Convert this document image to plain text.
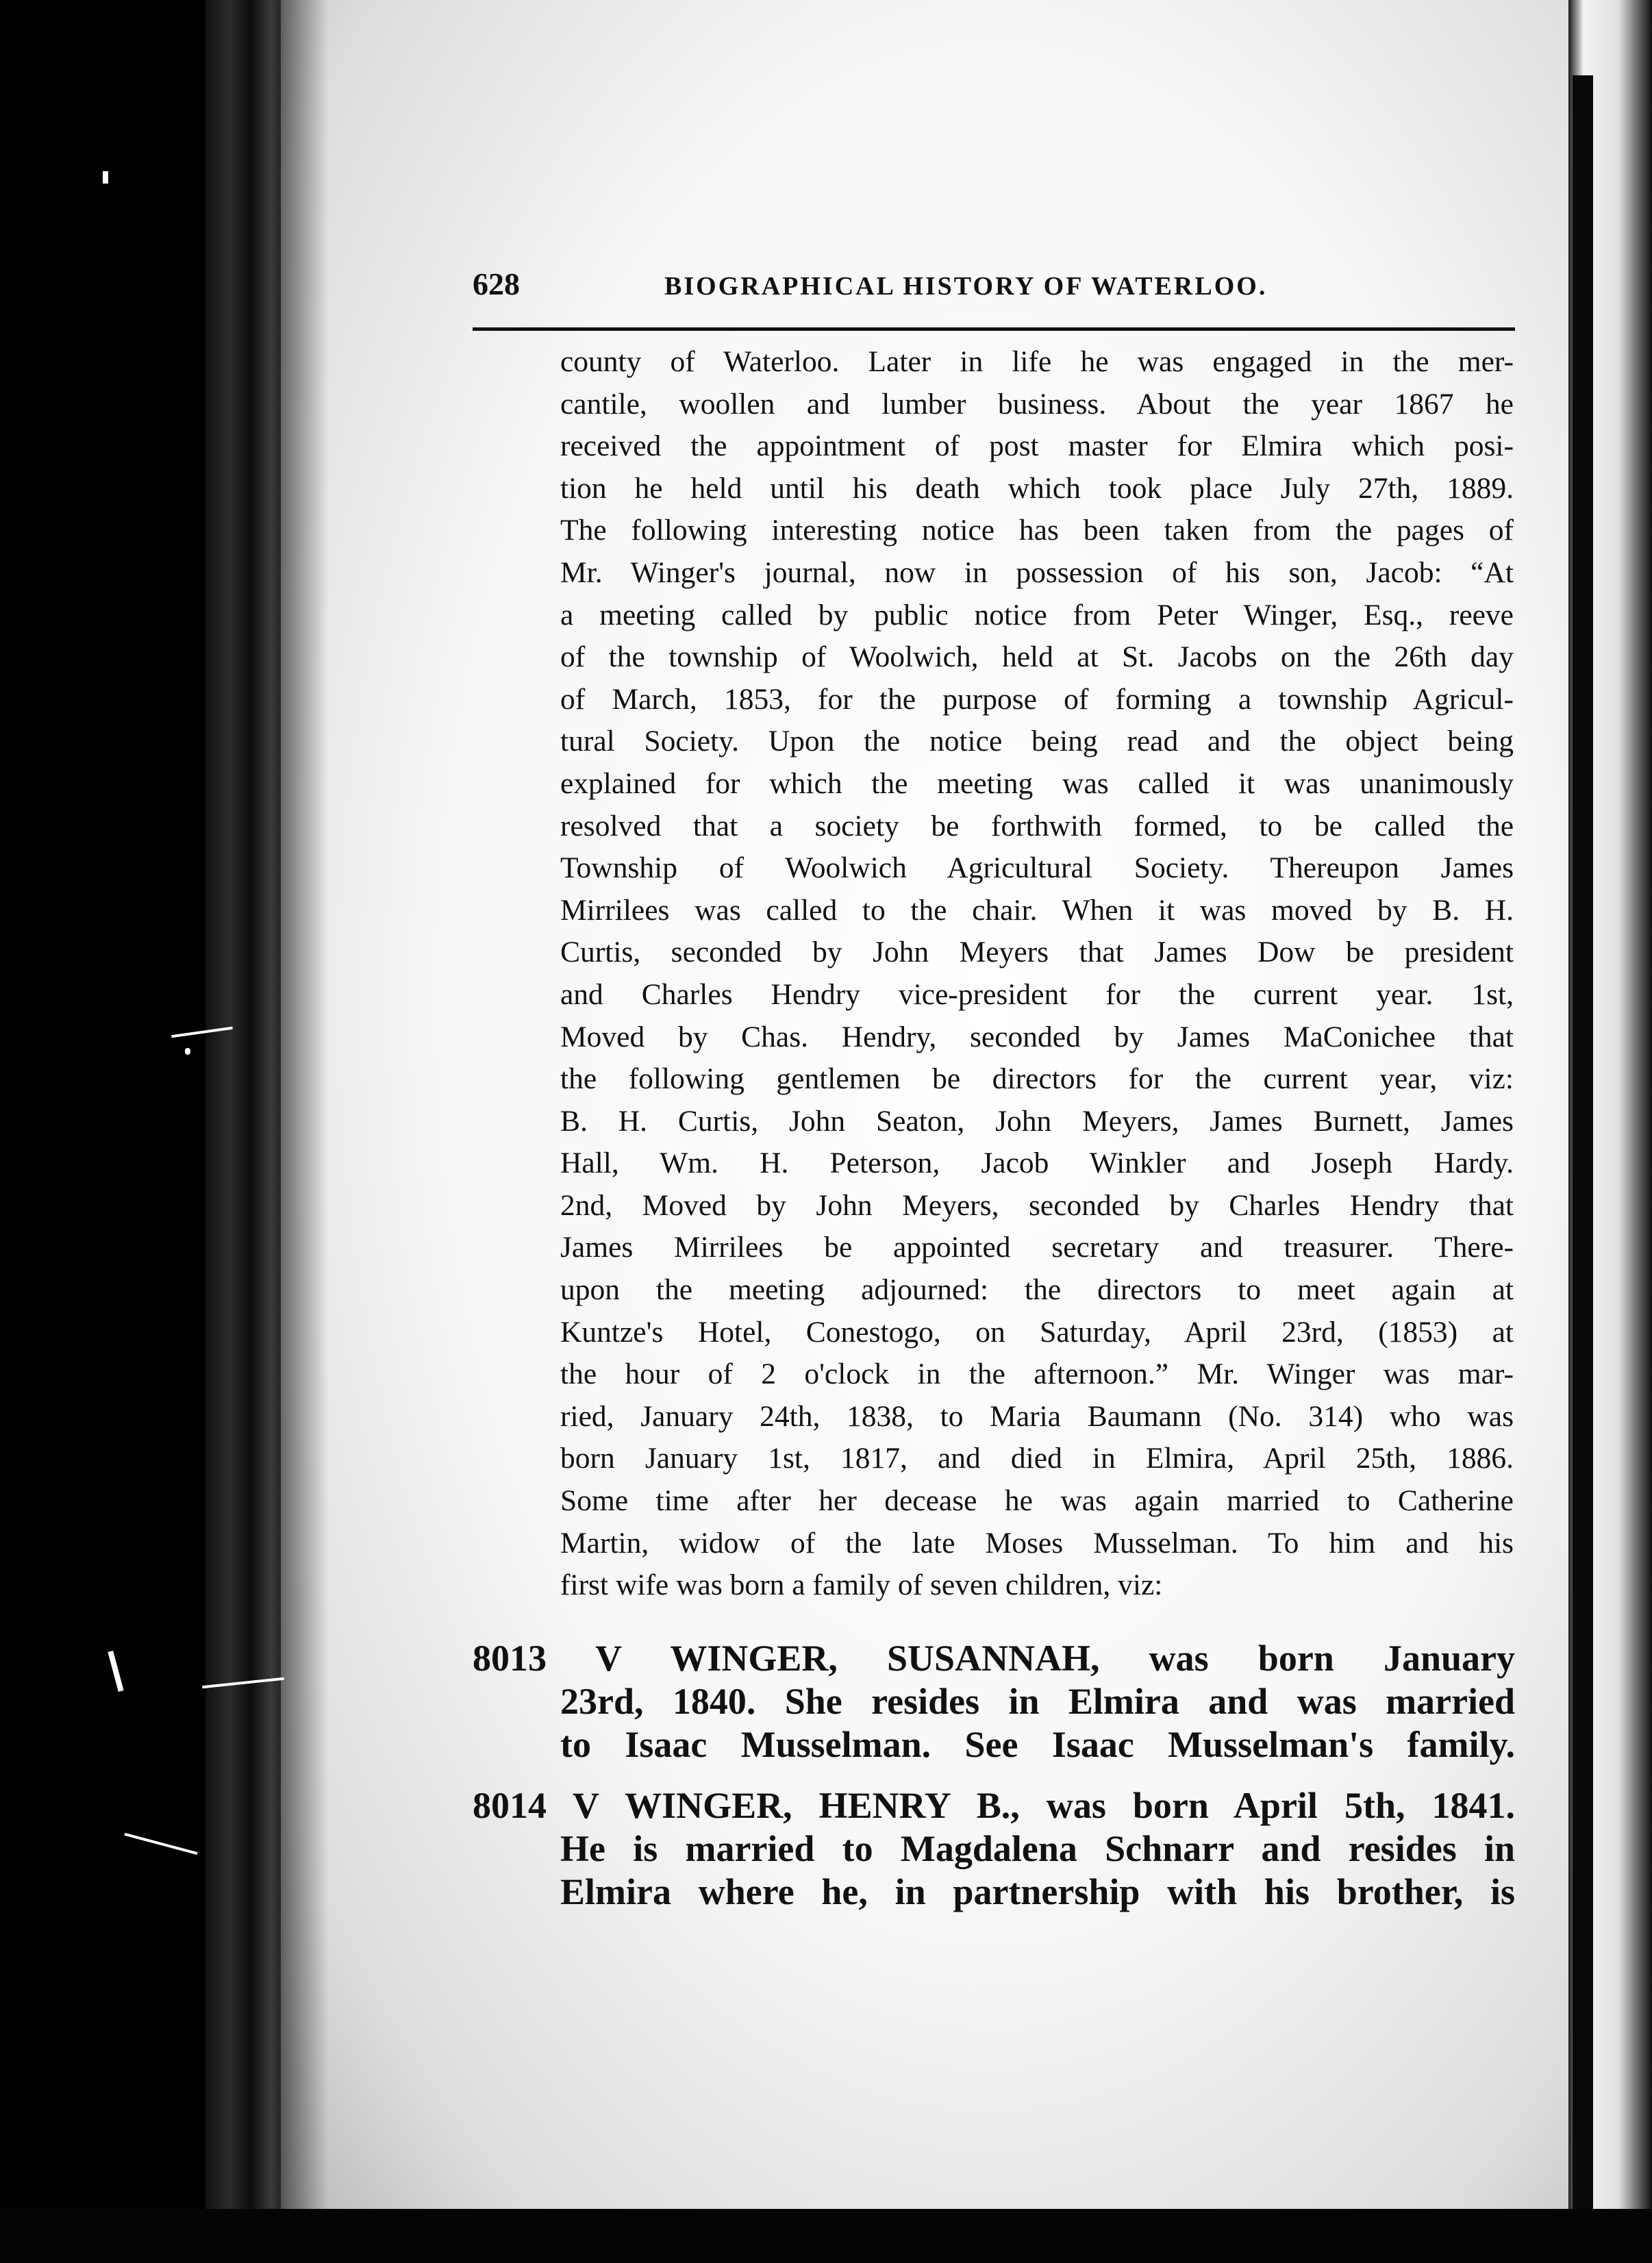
628	BIOGRAPHICAL HISTORY OF WATERLOO.
county of Waterloo. Later in life he was engaged in the mer-
cantile, woollen and lumber business. About the year 1867 he
received the appointment of post master for Elmira which posi-
tion he held until his death which took place July 27th, 1889.
The following interesting notice has been taken from the pages of
Mr. Winger's journal, now in possession of his son, Jacob: “At
a meeting called by public notice from Peter Winger, Esq., reeve
of the township of Woolwich, held at St. Jacobs on the 26th day
of March, 1853, for the purpose of forming a township Agricul-
tural Society. Upon the notice being read and the object being
explained for which the meeting was called it was unanimously
resolved that a society be forthwith formed, to be called the
Township of Woolwich Agricultural Society. Thereupon James
Mirrilees was called to the chair. When it was moved by B. H.
Curtis, seconded by John Meyers that James Dow be president
and Charles Hendry vice-president for the current year. 1st,
Moved by Chas. Hendry, seconded by James MaConichee that
the following gentlemen be directors for the current year, viz:
B. H. Curtis, John Seaton, John Meyers, James Burnett, James
Hall, Wm. H. Peterson, Jacob Winkler and Joseph Hardy.
2nd, Moved by John Meyers, seconded by Charles Hendry that
James Mirrilees be appointed secretary and treasurer. There-
upon the meeting adjourned: the directors to meet again at
Kuntze's Hotel, Conestogo, on Saturday, April 23rd, (1853) at
the hour of 2 o'clock in the afternoon.” Mr. Winger was mar-
ried, January 24th, 1838, to Maria Baumann (No. 314) who was
born January 1st, 1817, and died in Elmira, April 25th, 1886.
Some time after her decease he was again married to Catherine
Martin, widow of the late Moses Musselman. To him and his
first wife was born a family of seven children, viz:
8013 V WINGER, SUSANNAH, was born January
23rd, 1840. She resides in Elmira and was married
to Isaac Musselman. See Isaac Musselman's family.
8014 V WINGER, HENRY B., was born April 5th, 1841.
He is married to Magdalena Schnarr and resides in
Elmira where he, in partnership with his brother, is
